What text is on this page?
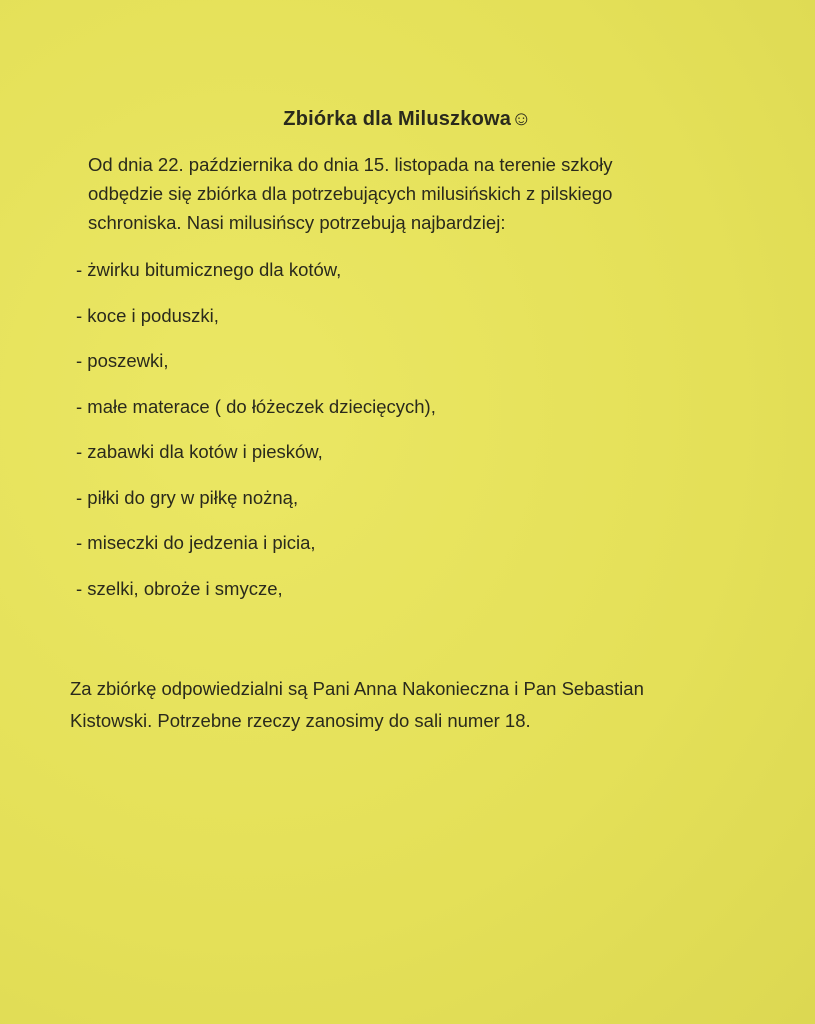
Zbiórka dla Miluszkowa☺
Od dnia 22. października do dnia 15. listopada na terenie szkoły
odbędzie się zbiórka dla potrzebujących milusińskich z pilskiego
schroniska. Nasi milusińscy potrzebują najbardziej:
- żwirku bitumicznego dla kotów,
- koce i poduszki,
- poszewki,
- małe materace ( do łóżeczek dziecięcych),
- zabawki dla kotów i piesków,
- piłki do gry w piłkę nożną,
- miseczki do jedzenia i picia,
- szelki, obroże i smycze,
Za zbiórkę odpowiedzialni są Pani Anna Nakonieczna i Pan Sebastian
Kistowski. Potrzebne rzeczy zanosimy do sali numer 18.
